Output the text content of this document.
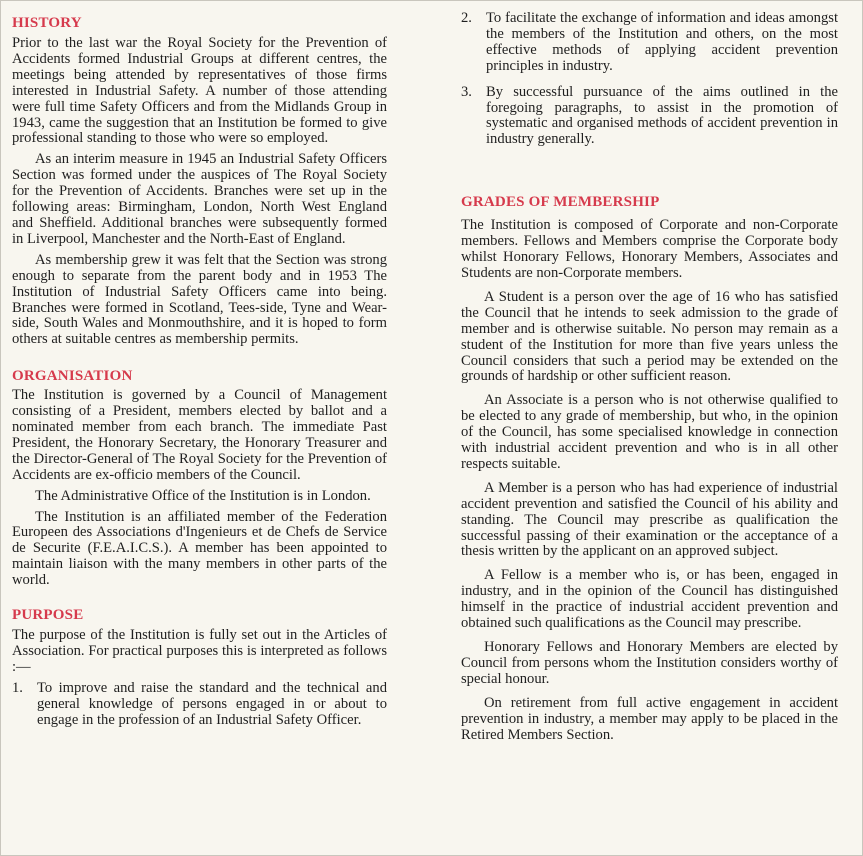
HISTORY

Prior to the last war the Royal Society for the Prevention of Accidents formed Industrial Groups at different centres, the meetings being attended by representatives of those firms interested in Industrial Safety. A number of those attending were full time Safety Officers and from the Midlands Group in 1943, came the suggestion that an Institution be formed to give professional standing to those who were so employed.

As an interim measure in 1945 an Industrial Safety Officers Section was formed under the auspices of The Royal Society for the Prevention of Accidents. Branches were set up in the following areas: Birmingham, London, North West England and Sheffield. Additional branches were subsequently formed in Liverpool, Manchester and the North-East of England.

As membership grew it was felt that the Section was strong enough to separate from the parent body and in 1953 The Institution of Industrial Safety Officers came into being. Branches were formed in Scotland, Tees-side, Tyne and Wear-side, South Wales and Monmouthshire, and it is hoped to form others at suitable centres as membership permits.

ORGANISATION

The Institution is governed by a Council of Management consisting of a President, members elected by ballot and a nominated member from each branch. The immediate Past President, the Honorary Secretary, the Honorary Treasurer and the Director-General of The Royal Society for the Prevention of Accidents are ex-officio members of the Council.

The Administrative Office of the Institution is in London.

The Institution is an affiliated member of the Federation Europeen des Associations d'Ingenieurs et de Chefs de Service de Securite (F.E.A.I.C.S.). A member has been appointed to maintain liaison with the many members in other parts of the world.

PURPOSE

The purpose of the Institution is fully set out in the Articles of Association. For practical purposes this is interpreted as follows :—

1. To improve and raise the standard and the technical and general knowledge of persons engaged in or about to engage in the profession of an Industrial Safety Officer.
2. To facilitate the exchange of information and ideas amongst the members of the Institution and others, on the most effective methods of applying accident prevention principles in industry.
3. By successful pursuance of the aims outlined in the foregoing paragraphs, to assist in the promotion of systematic and organised methods of accident prevention in industry generally.
GRADES OF MEMBERSHIP

The Institution is composed of Corporate and non-Corporate members. Fellows and Members comprise the Corporate body whilst Honorary Fellows, Honorary Members, Associates and Students are non-Corporate members.

A Student is a person over the age of 16 who has satisfied the Council that he intends to seek admission to the grade of member and is otherwise suitable. No person may remain as a student of the Institution for more than five years unless the Council considers that such a period may be extended on the grounds of hardship or other sufficient reason.

An Associate is a person who is not otherwise qualified to be elected to any grade of membership, but who, in the opinion of the Council, has some specialised knowledge in connection with industrial accident prevention and who is in all other respects suitable.

A Member is a person who has had experience of industrial accident prevention and satisfied the Council of his ability and standing. The Council may prescribe as qualification the successful passing of their examination or the acceptance of a thesis written by the applicant on an approved subject.

A Fellow is a member who is, or has been, engaged in industry, and in the opinion of the Council has distinguished himself in the practice of industrial accident prevention and obtained such qualifications as the Council may prescribe.

Honorary Fellows and Honorary Members are elected by Council from persons whom the Institution considers worthy of special honour.

On retirement from full active engagement in accident prevention in industry, a member may apply to be placed in the Retired Members Section.
